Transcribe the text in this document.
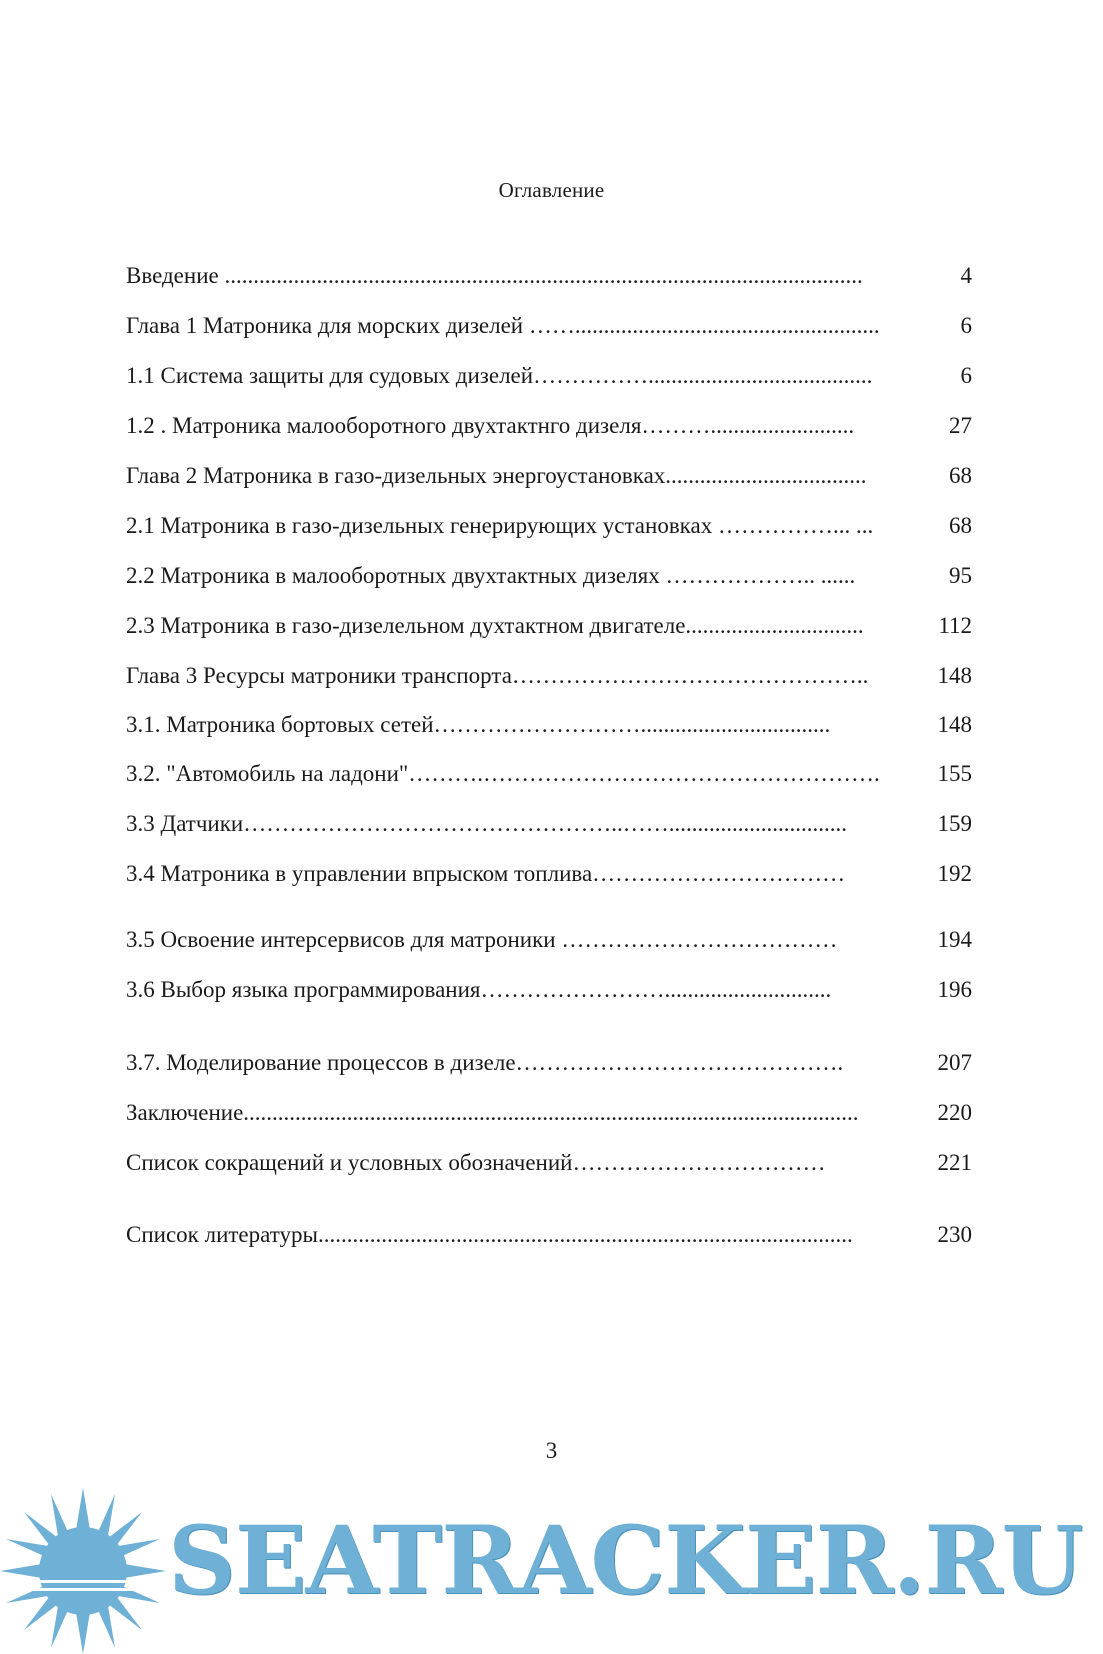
Оглавление
Введение ...............................................................................................................	4
Глава 1 Матроника для морских дизелей …….....................................................	6
1.1 Система защиты для судовых дизелей…………….......................................	6
1.2 . Матроника малооборотного двухтактнго дизеля……….........................	27
Глава 2 Матроника в газо-дизельных энергоустановках...................................	68
2.1 Матроника в газо-дизельных генерирующих установках ……………... ...	68
2.2 Матроника в малооборотных двухтактных дизелях ……………….. ......	95
2.3 Матроника в газо-дизелельном духтактном двигателе...............................	112
Глава 3 Ресурсы матроники транспорта………………………………………..	148
3.1. Матроника бортовых сетей……………………….................................	148
3.2. "Автомобиль на ладони"……….…………………………………………….	155
3.3 Датчики…………………………………………..……...............................	159
3.4 Матроника в управлении впрыском топлива……………………………	192
3.5 Освоение интерсервисов для матроники ………………………………	194
3.6 Выбор языка программирования…………………….............................	196
3.7. Моделирование процессов в дизеле…………………………………….	207
Заключение...........................................................................................................	220
Список сокращений и условных обозначений……………………………	221
Список литературы.............................................................................................	230
3
SEATRACKER.RU
